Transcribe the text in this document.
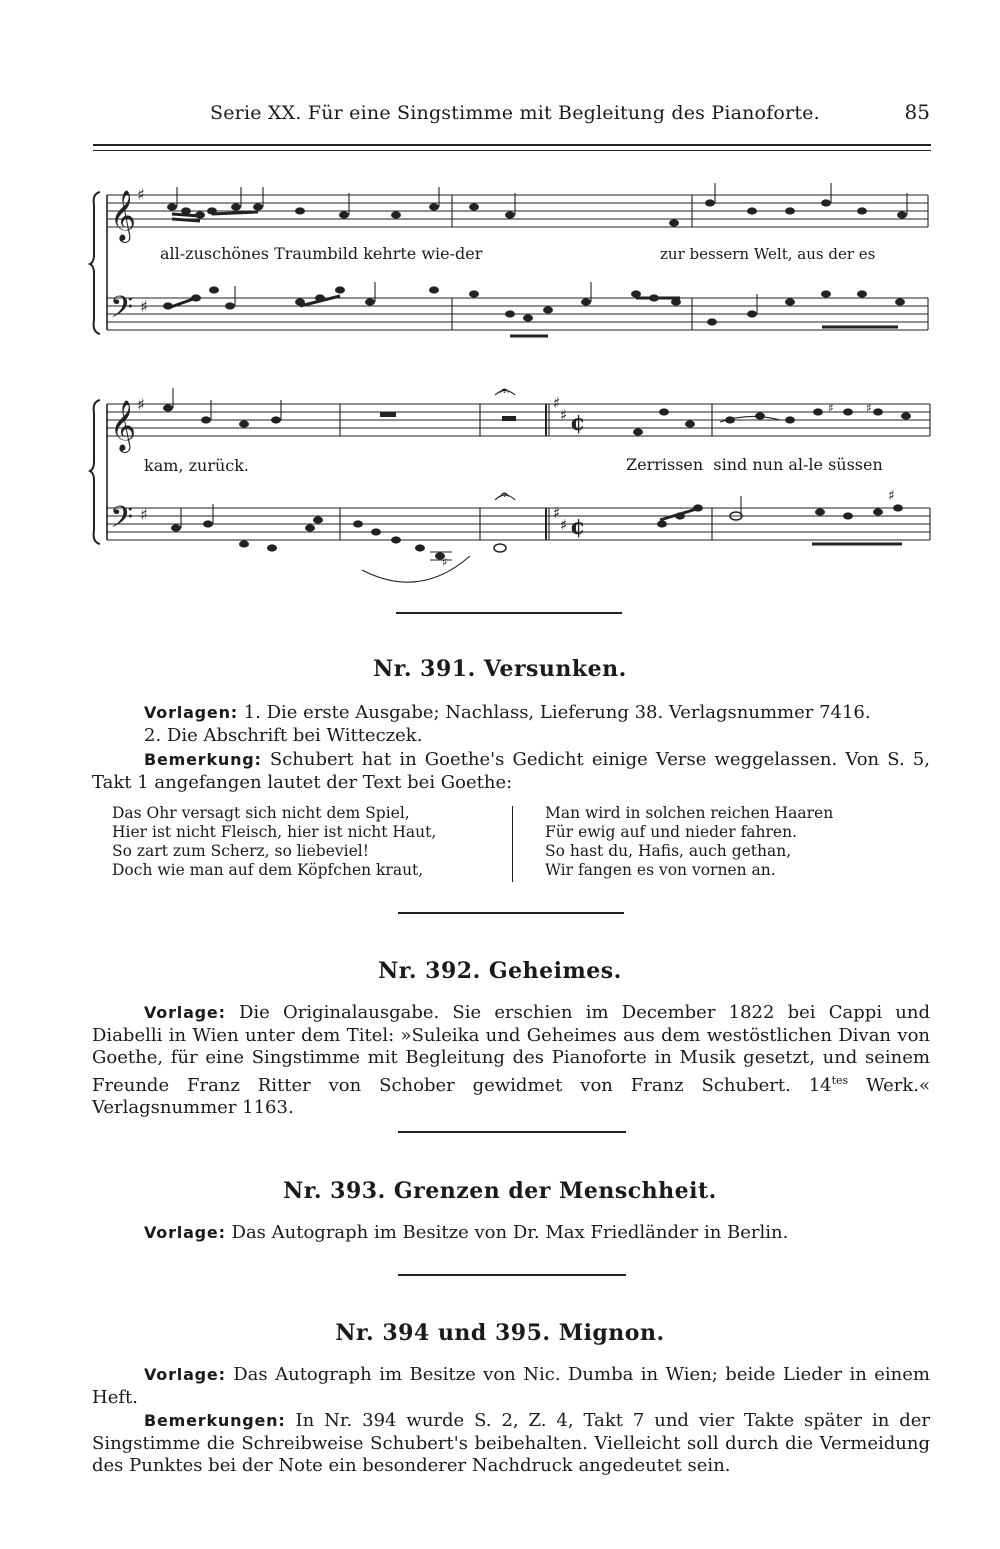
Serie XX. Für eine Singstimme mit Begleitung des Pianoforte.	85
𝄞
𝄢
𝄞
𝄢
♯
♯
♯
♯
♯
♯
♯
♯
¢
¢
𝄐
𝄐	♯
♯	♯
♯
all-zuschönes Traumbild kehrte wie-der	zur bessern Welt, aus der es
kam, zurück.	Zerrissen  sind nun al-le süssen
Nr. 391. Versunken.
Vorlagen: 1. Die erste Ausgabe; Nachlass, Lieferung 38. Verlagsnummer 7416.
2. Die Abschrift bei Witteczek.
Bemerkung: Schubert hat in Goethe's Gedicht einige Verse weggelassen. Von S. 5, Takt 1 angefangen lautet der Text bei Goethe:
Das Ohr versagt sich nicht dem Spiel,
Hier ist nicht Fleisch, hier ist nicht Haut,
So zart zum Scherz, so liebeviel!
Doch wie man auf dem Köpfchen kraut,
Man wird in solchen reichen Haaren
Für ewig auf und nieder fahren.
So hast du, Hafis, auch gethan,
Wir fangen es von vornen an.
Nr. 392. Geheimes.
Vorlage: Die Originalausgabe. Sie erschien im December 1822 bei Cappi und Diabelli in Wien unter dem Titel: »Suleika und Geheimes aus dem westöstlichen Divan von Goethe, für eine Singstimme mit Begleitung des Pianoforte in Musik gesetzt, und seinem Freunde Franz Ritter von Schober gewidmet von Franz Schubert. $14^{tes}$ Werk.« Verlagsnummer 1163.
Nr. 393. Grenzen der Menschheit.
Vorlage: Das Autograph im Besitze von Dr. Max Friedländer in Berlin.
Nr. 394 und 395. Mignon.
Vorlage: Das Autograph im Besitze von Nic. Dumba in Wien; beide Lieder in einem Heft.
Bemerkungen: In Nr. 394 wurde S. 2, Z. 4, Takt 7 und vier Takte später in der Singstimme die Schreibweise Schubert's beibehalten. Vielleicht soll durch die Vermeidung des Punktes bei der Note ein besonderer Nachdruck angedeutet sein.
